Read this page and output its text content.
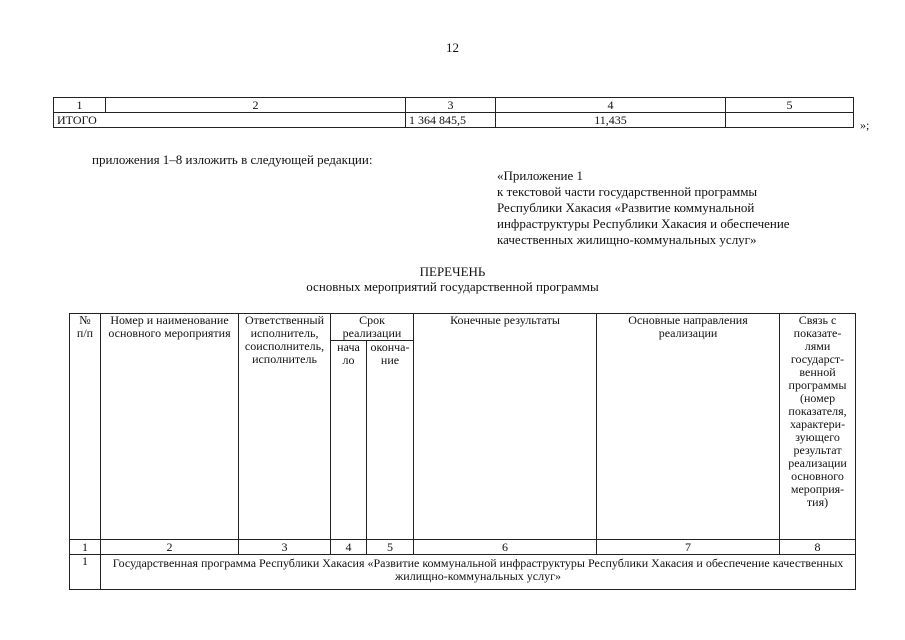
12
1	2	3	4	5
ИТОГО		1 364 845,5	11,435		»;
приложения 1–8 изложить в следующей редакции:
«Приложение 1
к текстовой части государственной программы
Республики Хакасия «Развитие коммунальной
инфраструктуры Республики Хакасия и обеспечение
качественных жилищно-коммунальных услуг»
ПЕРЕЧЕНЬ
основных мероприятий государственной программы
№ п/п	Номер и наименование основного мероприятия	Ответственный исполнитель, соисполнитель, исполнитель	Срок реализации		Конечные результаты	Основные направления реализации	Связь с показате- лями государст- венной программы (номер показателя, характери- зующего результат реализации основного мероприя- тия)
			нача ло	оконча- ние			
1	2	3	4	5	6	7	8
1	Государственная программа Республики Хакасия «Развитие коммунальной инфраструктуры Республики Хакасия и обеспечение качественных жилищно-коммунальных услуг»						
